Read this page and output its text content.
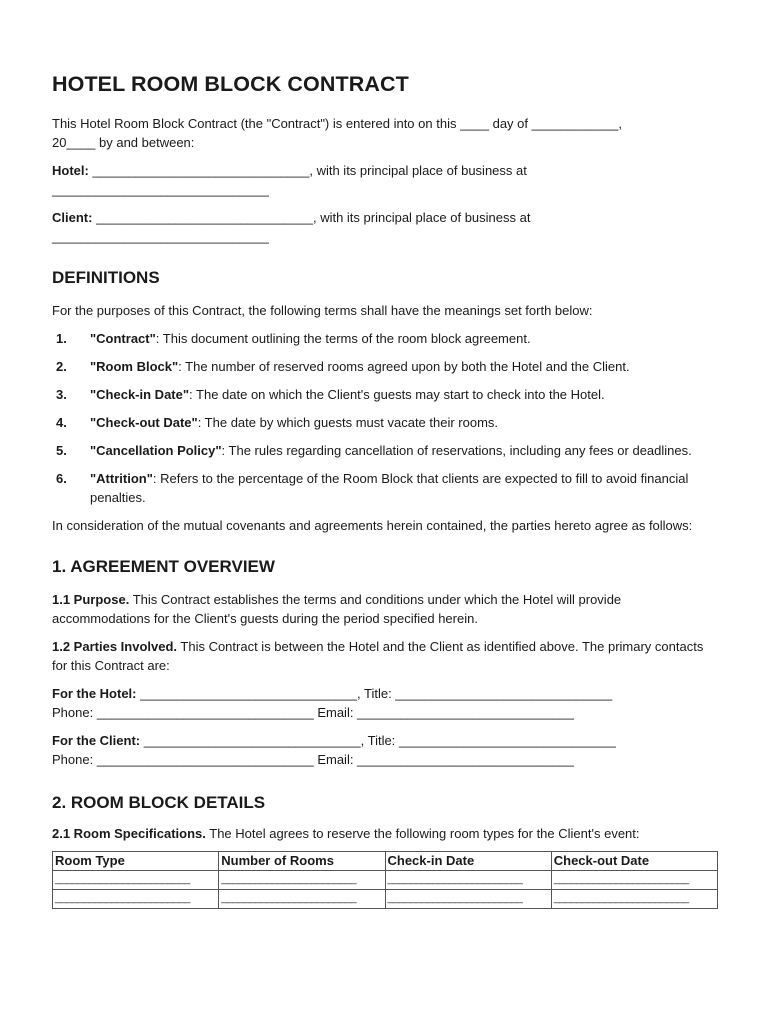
HOTEL ROOM BLOCK CONTRACT

This Hotel Room Block Contract (the "Contract") is entered into on this ____ day of ____________,
20____ by and between:

Hotel: ______________________________, with its principal place of business at
______________________________

Client: ______________________________, with its principal place of business at
______________________________

DEFINITIONS

For the purposes of this Contract, the following terms shall have the meanings set forth below:

1. "Contract": This document outlining the terms of the room block agreement.
2. "Room Block": The number of reserved rooms agreed upon by both the Hotel and the Client.
3. "Check-in Date": The date on which the Client's guests may start to check into the Hotel.
4. "Check-out Date": The date by which guests must vacate their rooms.
5. "Cancellation Policy": The rules regarding cancellation of reservations, including any fees or deadlines.
6. "Attrition": Refers to the percentage of the Room Block that clients are expected to fill to avoid financial penalties.

In consideration of the mutual covenants and agreements herein contained, the parties hereto agree as follows:

1. AGREEMENT OVERVIEW

1.1 Purpose. This Contract establishes the terms and conditions under which the Hotel will provide accommodations for the Client's guests during the period specified herein.

1.2 Parties Involved. This Contract is between the Hotel and the Client as identified above. The primary contacts for this Contract are:

For the Hotel: ______________________________, Title: ______________________________
Phone: ______________________________ Email: ______________________________

For the Client: ______________________________, Title: ______________________________
Phone: ______________________________ Email: ______________________________

2. ROOM BLOCK DETAILS

2.1 Room Specifications. The Hotel agrees to reserve the following room types for the Client's event:

Room Type	Number of Rooms	Check-in Date	Check-out Date
________________________	________________________	________________________	________________________
________________________	________________________	________________________	________________________
